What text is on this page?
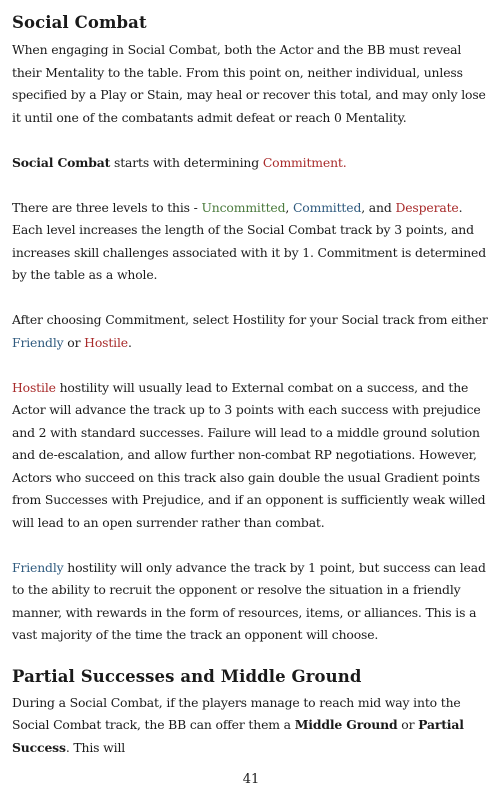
Social Combat

When engaging in Social Combat, both the Actor and the BB must reveal their Mentality to the table. From this point on, neither individual, unless specified by a Play or Stain, may heal or recover this total, and may only lose it until one of the combatants admit defeat or reach 0 Mentality.

Social Combat starts with determining Commitment.

There are three levels to this - Uncommitted, Committed, and Desperate. Each level increases the length of the Social Combat track by 3 points, and increases skill challenges associated with it by 1. Commitment is determined by the table as a whole.

After choosing Commitment, select Hostility for your Social track from either Friendly or Hostile.

Hostile hostility will usually lead to External combat on a success, and the Actor will advance the track up to 3 points with each success with prejudice and 2 with standard successes. Failure will lead to a middle ground solution and de-escalation, and allow further non-combat RP negotiations. However, Actors who succeed on this track also gain double the usual Gradient points from Successes with Prejudice, and if an opponent is sufficiently weak willed will lead to an open surrender rather than combat.

Friendly hostility will only advance the track by 1 point, but success can lead to the ability to recruit the opponent or resolve the situation in a friendly manner, with rewards in the form of resources, items, or alliances. This is a vast majority of the time the track an opponent will choose.

Partial Successes and Middle Ground

During a Social Combat, if the players manage to reach mid way into the Social Combat track, the BB can offer them a Middle Ground or Partial Success. This will

41
